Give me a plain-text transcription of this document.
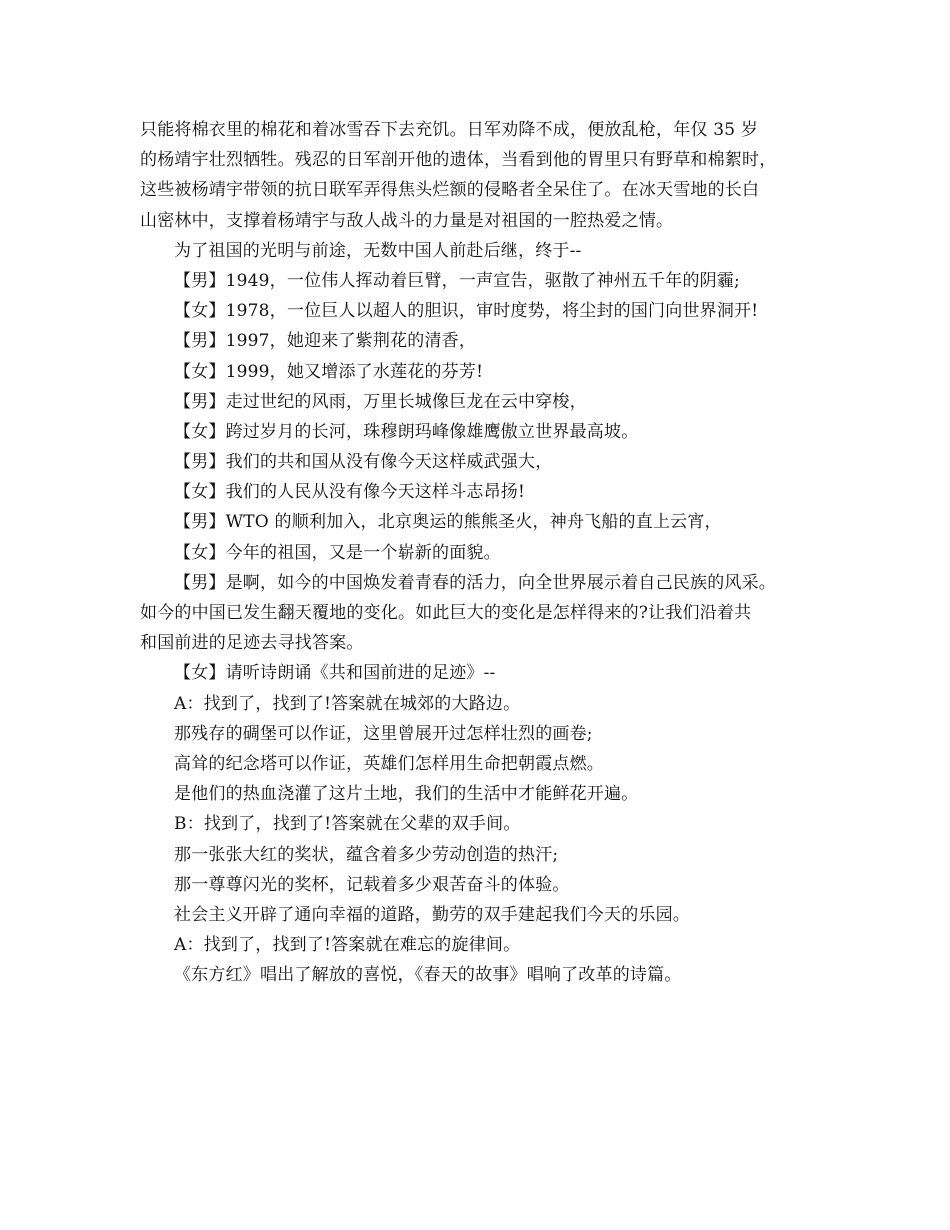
只能将棉衣里的棉花和着冰雪吞下去充饥。日军劝降不成，便放乱枪，年仅 35 岁
的杨靖宇壮烈牺牲。残忍的日军剖开他的遗体，当看到他的胃里只有野草和棉絮时，
这些被杨靖宇带领的抗日联军弄得焦头烂额的侵略者全呆住了。在冰天雪地的长白
山密林中，支撑着杨靖宇与敌人战斗的力量是对祖国的一腔热爱之情。
为了祖国的光明与前途，无数中国人前赴后继，终于--
【男】1949，一位伟人挥动着巨臂，一声宣告，驱散了神州五千年的阴霾;
【女】1978，一位巨人以超人的胆识，审时度势，将尘封的国门向世界洞开!
【男】1997，她迎来了紫荆花的清香，
【女】1999，她又增添了水莲花的芬芳!
【男】走过世纪的风雨，万里长城像巨龙在云中穿梭，
【女】跨过岁月的长河，珠穆朗玛峰像雄鹰傲立世界最高坡。
【男】我们的共和国从没有像今天这样威武强大，
【女】我们的人民从没有像今天这样斗志昂扬!
【男】WTO 的顺利加入，北京奥运的熊熊圣火，神舟飞船的直上云宵，
【女】今年的祖国，又是一个崭新的面貌。
【男】是啊，如今的中国焕发着青春的活力，向全世界展示着自己民族的风采。
如今的中国已发生翻天覆地的变化。如此巨大的变化是怎样得来的?让我们沿着共
和国前进的足迹去寻找答案。
【女】请听诗朗诵《共和国前进的足迹》--
A：找到了，找到了!答案就在城郊的大路边。
那残存的碉堡可以作证，这里曾展开过怎样壮烈的画卷;
高耸的纪念塔可以作证，英雄们怎样用生命把朝霞点燃。
是他们的热血浇灌了这片土地，我们的生活中才能鲜花开遍。
B：找到了，找到了!答案就在父辈的双手间。
那一张张大红的奖状，蕴含着多少劳动创造的热汗;
那一尊尊闪光的奖杯，记载着多少艰苦奋斗的体验。
社会主义开辟了通向幸福的道路，勤劳的双手建起我们今天的乐园。
A：找到了，找到了!答案就在难忘的旋律间。
《东方红》唱出了解放的喜悦，《春天的故事》唱响了改革的诗篇。
